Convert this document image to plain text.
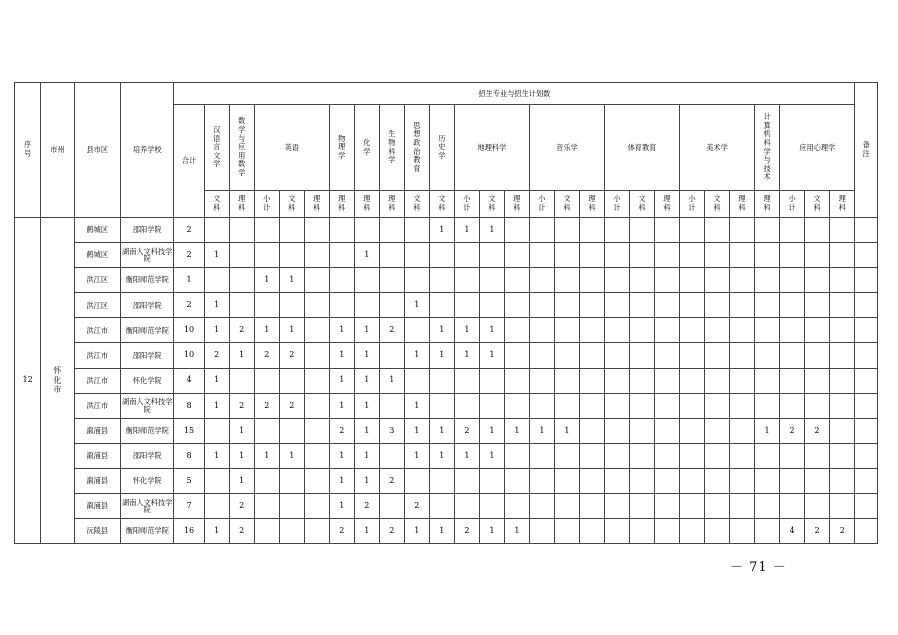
序号	市州	县市区	培养学校	招生专业与招生计划数																											备注

				合计	汉语言文学	数学与应用数学	英语			物理学	化学	生物科学	思想政治教育	历史学	地理科学			音乐学			体育教育			美术学			计算机科学与技术	应用心理学			

					文科	理科	小计	文科	理科	理科	理科	理科	文科	文科	小计	文科	理科	小计	文科	理科	小计	文科	理科	小计	文科	理科	理科	小计	文科	理科	

12	怀化市	鹤城区	邵阳学院	2										1	1	1															
		鹤城区	湖南人文科技学院	2	1						1																				
		洪江区	衡阳师范学院	1			1	1																							
		洪江区	邵阳学院	2	1								1																		
		洪江市	衡阳师范学院	10	1	2	1	1		1	1	2		1	1	1															
		洪江市	邵阳学院	10	2	1	2	2		1	1		1	1	1	1															
		洪江市	怀化学院	4	1					1	1	1																			
		洪江市	湖南人文科技学院	8	1	2	2	2		1	1		1																		
		溆浦县	衡阳师范学院	15		1				2	1	3	1	1	2	1	1	1	1								1	2	2		
		溆浦县	邵阳学院	8	1	1	1	1		1	1		1	1	1	1															
		溆浦县	怀化学院	5		1				1	1	2																			
		溆浦县	湖南人文科技学院	7		2				1	2		2																		
		沅陵县	衡阳师范学院	16	1	2				2	1	2	1	1	2	1	1											4	2	2	
－ 71 －
